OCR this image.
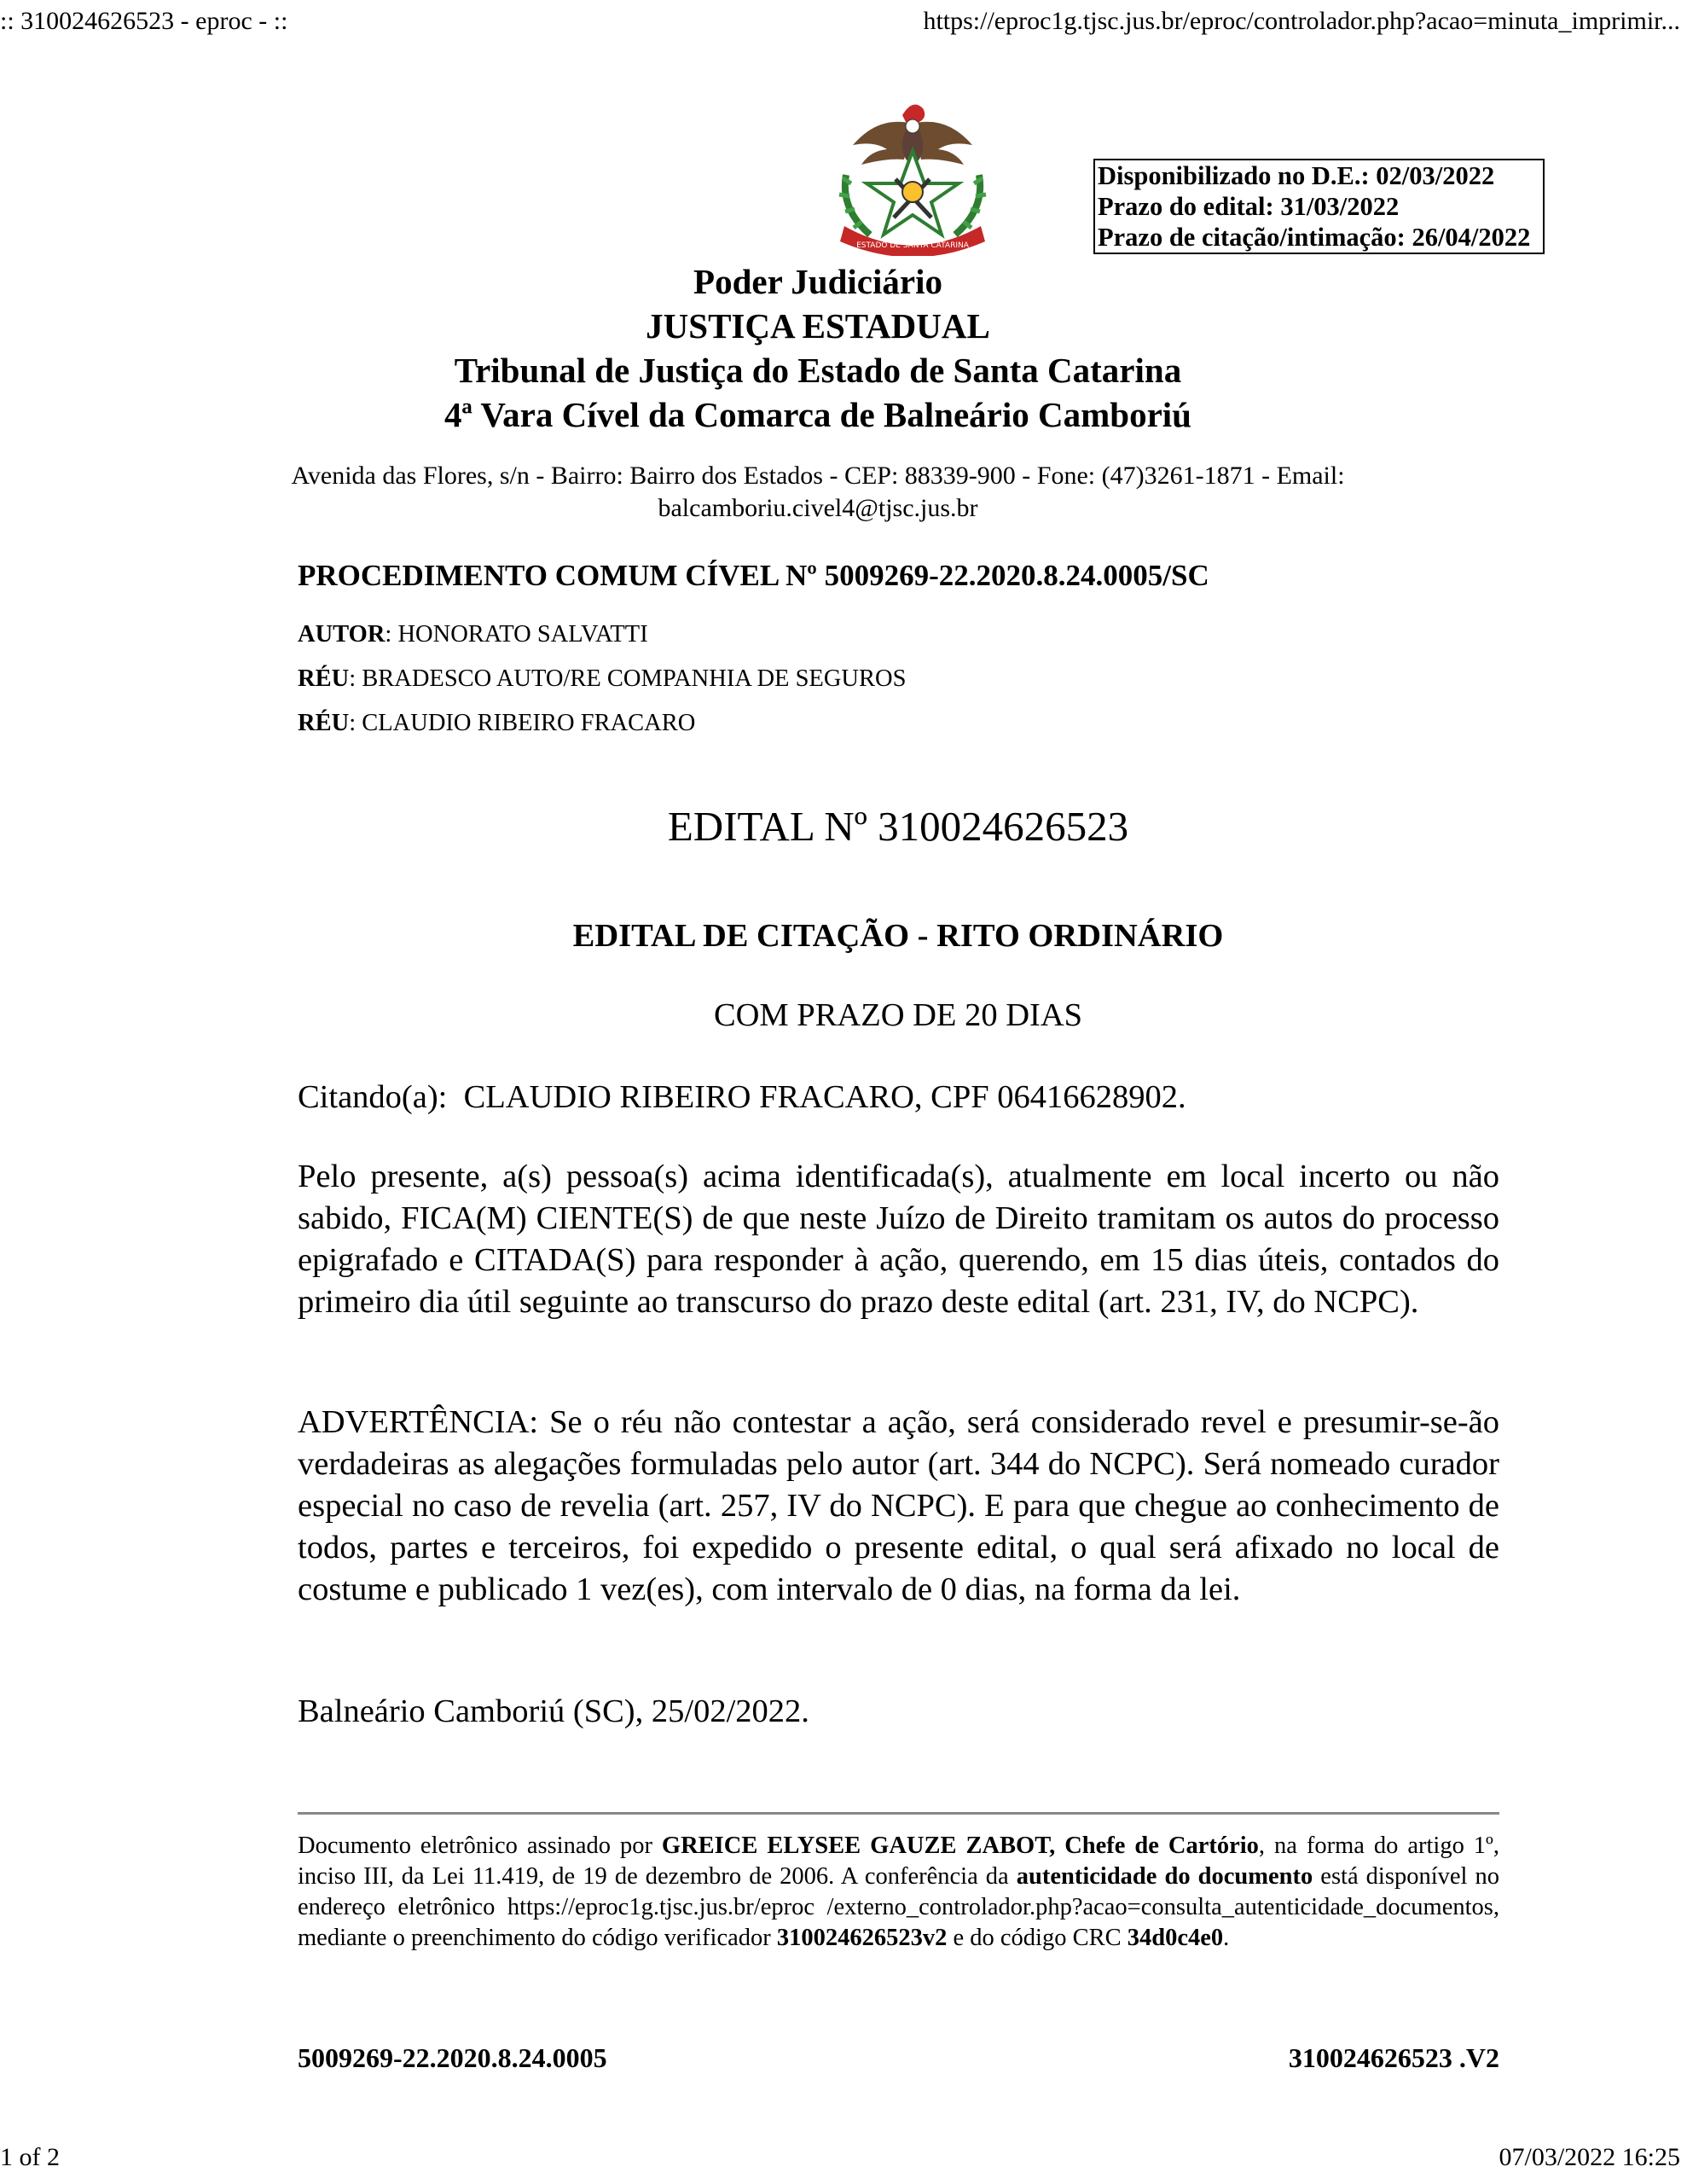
:: 310024626523 - eproc - ::	https://eproc1g.tjsc.jus.br/eproc/controlador.php?acao=minuta_imprimir...
ESTADO DE SANTA CATARINA
Disponibilizado no D.E.: 02/03/2022
Prazo do edital: 31/03/2022
Prazo de citação/intimação: 26/04/2022
Poder Judiciário
JUSTIÇA ESTADUAL
Tribunal de Justiça do Estado de Santa Catarina
4ª Vara Cível da Comarca de Balneário Camboriú
Avenida das Flores, s/n - Bairro: Bairro dos Estados - CEP: 88339-900 - Fone: (47)3261-1871 - Email:
balcamboriu.civel4@tjsc.jus.br
PROCEDIMENTO COMUM CÍVEL Nº 5009269-22.2020.8.24.0005/SC
AUTOR: HONORATO SALVATTI
RÉU: BRADESCO AUTO/RE COMPANHIA DE SEGUROS
RÉU: CLAUDIO RIBEIRO FRACARO
EDITAL Nº 310024626523
EDITAL DE CITAÇÃO - RITO ORDINÁRIO
COM PRAZO DE 20 DIAS

Citando(a):  CLAUDIO RIBEIRO FRACARO, CPF 06416628902.

Pelo presente, a(s) pessoa(s) acima identificada(s), atualmente em local incerto ou não sabido, FICA(M) CIENTE(S) de que neste Juízo de Direito tramitam os autos do processo epigrafado e CITADA(S) para responder à ação, querendo, em 15 dias úteis, contados do primeiro dia útil seguinte ao transcurso do prazo deste edital (art. 231, IV, do NCPC).

ADVERTÊNCIA: Se o réu não contestar a ação, será considerado revel e presumir-se-ão verdadeiras as alegações formuladas pelo autor (art. 344 do NCPC). Será nomeado curador especial no caso de revelia (art. 257, IV do NCPC). E para que chegue ao conhecimento de todos, partes e terceiros, foi expedido o presente edital, o qual será afixado no local de costume e publicado 1 vez(es), com intervalo de 0 dias, na forma da lei.

Balneário Camboriú (SC), 25/02/2022.

Documento eletrônico assinado por GREICE ELYSEE GAUZE ZABOT, Chefe de Cartório, na forma do artigo 1º, inciso III, da Lei 11.419, de 19 de dezembro de 2006. A conferência da autenticidade do documento está disponível no endereço eletrônico https://eproc1g.tjsc.jus.br/eproc /externo_controlador.php?acao=consulta_autenticidade_documentos, mediante o preenchimento do código verificador 310024626523v2 e do código CRC 34d0c4e0.

5009269-22.2020.8.24.0005	310024626523 .V2
1 of 2	07/03/2022 16:25
